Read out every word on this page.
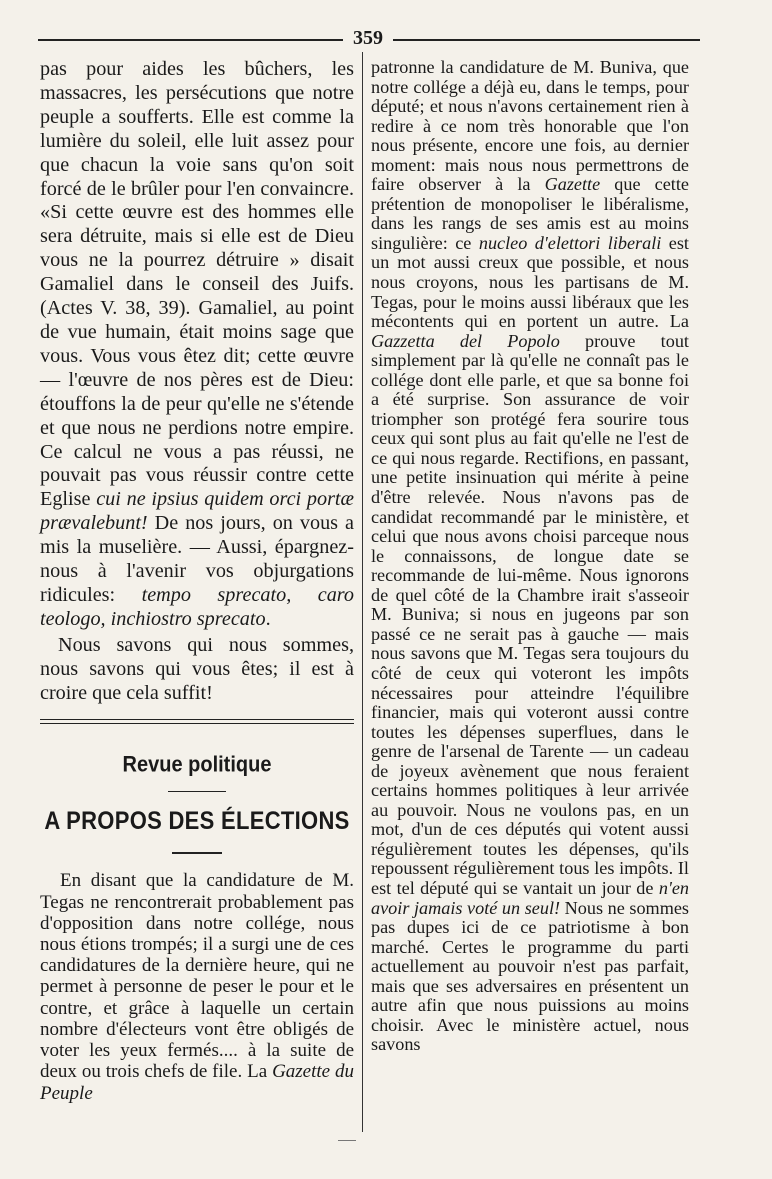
359

pas pour aides les bûchers, les massacres, les persécutions que notre peuple a soufferts. Elle est comme la lumière du soleil, elle luit assez pour que chacun la voie sans qu'on soit forcé de le brûler pour l'en convaincre. «Si cette œuvre est des hommes elle sera détruite, mais si elle est de Dieu vous ne la pourrez détruire » disait Gamaliel dans le conseil des Juifs. (Actes V. 38, 39). Gamaliel, au point de vue humain, était moins sage que vous. Vous vous êtez dit; cette œuvre — l'œuvre de nos pères est de Dieu: étouffons la de peur qu'elle ne s'étende et que nous ne perdions notre empire. Ce calcul ne vous a pas réussi, ne pouvait pas vous réussir contre cette Eglise cui ne ipsius quidem orci portæ prævalebunt! De nos jours, on vous a mis la muselière. — Aussi, épargnez-nous à l'avenir vos objurgations ridicules: tempo sprecato, caro teologo, inchiostro sprecato.

Nous savons qui nous sommes, nous savons qui vous êtes; il est à croire que cela suffit!

Revue politique
A PROPOS DES ÉLECTIONS

En disant que la candidature de M. Tegas ne rencontrerait probablement pas d'opposition dans notre collége, nous nous étions trompés; il a surgi une de ces candidatures de la dernière heure, qui ne permet à personne de peser le pour et le contre, et grâce à laquelle un certain nombre d'électeurs vont être obligés de voter les yeux fermés.... à la suite de deux ou trois chefs de file. La Gazette du Peuple

patronne la candidature de M. Buniva, que notre collége a déjà eu, dans le temps, pour député; et nous n'avons certainement rien à redire à ce nom très honorable que l'on nous présente, encore une fois, au dernier moment: mais nous nous permettrons de faire observer à la Gazette que cette prétention de monopoliser le libéralisme, dans les rangs de ses amis est au moins singulière: ce nucleo d'elettori liberali est un mot aussi creux que possible, et nous nous croyons, nous les partisans de M. Tegas, pour le moins aussi libéraux que les mécontents qui en portent un autre. La Gazzetta del Popolo prouve tout simplement par là qu'elle ne connaît pas le collége dont elle parle, et que sa bonne foi a été surprise. Son assurance de voir triompher son protégé fera sourire tous ceux qui sont plus au fait qu'elle ne l'est de ce qui nous regarde. Rectifions, en passant, une petite insinuation qui mérite à peine d'être relevée. Nous n'avons pas de candidat recommandé par le ministère, et celui que nous avons choisi parceque nous le connaissons, de longue date se recommande de lui-même. Nous ignorons de quel côté de la Chambre irait s'asseoir M. Buniva; si nous en jugeons par son passé ce ne serait pas à gauche — mais nous savons que M. Tegas sera toujours du côté de ceux qui voteront les impôts nécessaires pour atteindre l'équilibre financier, mais qui voteront aussi contre toutes les dépenses superflues, dans le genre de l'arsenal de Tarente — un cadeau de joyeux avènement que nous feraient certains hommes politiques à leur arrivée au pouvoir. Nous ne voulons pas, en un mot, d'un de ces députés qui votent aussi régulièrement toutes les dépenses, qu'ils repoussent régulièrement tous les impôts. Il est tel député qui se vantait un jour de n'en avoir jamais voté un seul! Nous ne sommes pas dupes ici de ce patriotisme à bon marché. Certes le programme du parti actuellement au pouvoir n'est pas parfait, mais que ses adversaires en présentent un autre afin que nous puissions au moins choisir. Avec le ministère actuel, nous savons
